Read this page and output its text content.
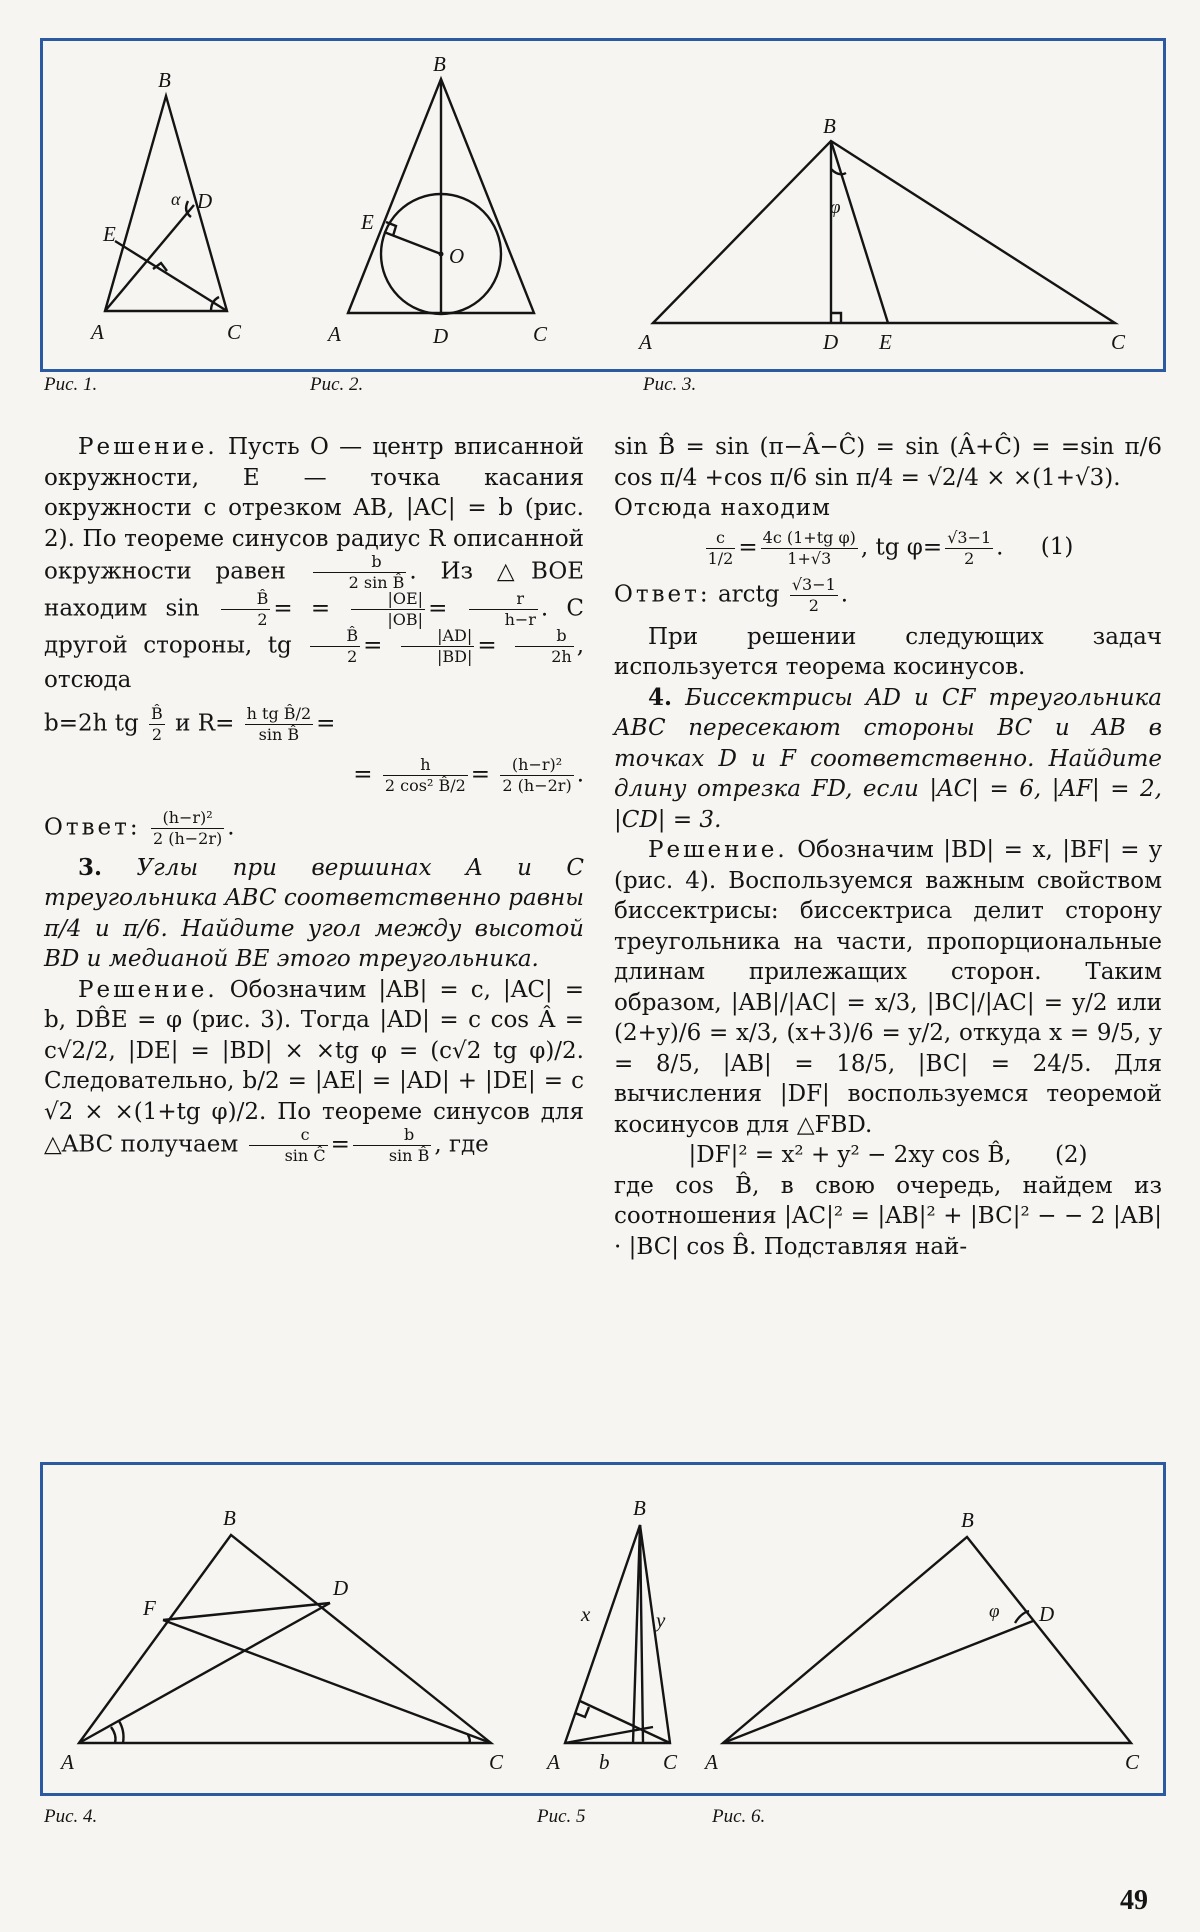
B
A	C
D
E
α
B
A	C
D
E
O
B
A	C
D E
φ
Рис. 1.	Рис. 2.	Рис. 3.

Решение. Пусть O — центр вписанной окружности, E — точка касания окружности с отрезком AB, |AC| = b (рис. 2). По теореме синусов радиус R описанной окружности равен $\frac{b}{\text{2 sin B̂}}$ . Из △BOE находим $\sin \frac{B̂}{2}$ = = $\frac{|OE|}{|OB|} = \frac{r}{h-r}$ . С другой стороны, tg $\frac{B̂}{2} = \frac{|AD|}{|BD|} = \frac{b}{2h}$ , отсюда

b=2h tg $\frac{B̂}{2}$ и $R= \frac{\text{h tg B̂/2}}{\text{sin B̂}}$ =

= $\frac{h}{\text{2 cos² B̂/2}} = \frac{\text{(h−r)²}}{2 (h-2r)}$ .

Ответ: $\frac{\text{(h−r)²}}{2 (h-2r)}$ .

3. Углы при вершинах A и C треугольника ABC соответственно равны π/4 и π/6. Найдите угол между высотой BD и медианой BE этого треугольника.

Решение. Обозначим |AB| = c, |AC| = b, DB̂E = φ (рис. 3). Тогда |AD| = c cos Â = c√2/2, |DE| = |BD| × ×tg φ = (c√2 tg φ)/2. Следовательно, b/2 = |AE| = |AD| + |DE| = c √2 × ×(1+tg φ)/2. По теореме синусов для △ABC получаем $\frac{c}{\text{sin Ĉ}} = \frac{b}{\text{sin B̂}}$ , где

sin B̂ = sin (π−Â−Ĉ) = sin (Â+Ĉ) = =sin π/6 cos π/4 +cos π/6 sin π/4 = √2/4 × ×(1+√3).

Отсюда находим

$\frac{c}{1/2} = \frac{\text{4c (1+tg φ)}}{1+√3}$ , tg $\varphi= \frac{√3-1}{2}$ . (1)

Ответ: arctg $\frac{√3-1}{2}$ .

При решении следующих задач используется теорема косинусов.

4. Биссектрисы AD и CF треугольника ABC пересекают стороны BC и AB в точках D и F соответственно. Найдите длину отрезка FD, если |AC| = 6, |AF| = 2, |CD| = 3.

Решение. Обозначим |BD| = x, |BF| = y (рис. 4). Воспользуемся важным свойством биссектрисы: биссектриса делит сторону треугольника на части, пропорциональные длинам прилежащих сторон. Таким образом, |AB|/|AC| = x/3, |BC|/|AC| = y/2 или (2+y)/6 = x/3, (x+3)/6 = y/2, откуда x = 9/5, y = 8/5, |AB| = 18/5, |BC| = 24/5. Для вычисления |DF| воспользуемся теоремой косинусов для △FBD.

|DF|² = x² + y² − 2xy cos B̂, (2)

где cos B̂, в свою очередь, найдем из соотношения |AC|² = |AB|² + |BC|² − − 2 |AB| · |BC| cos B̂. Подставляя най-

B
A	C
D
F
B
A	C
x	y
b
B
A	C
D
φ
Рис. 4.	Рис. 5	Рис. 6.
49
